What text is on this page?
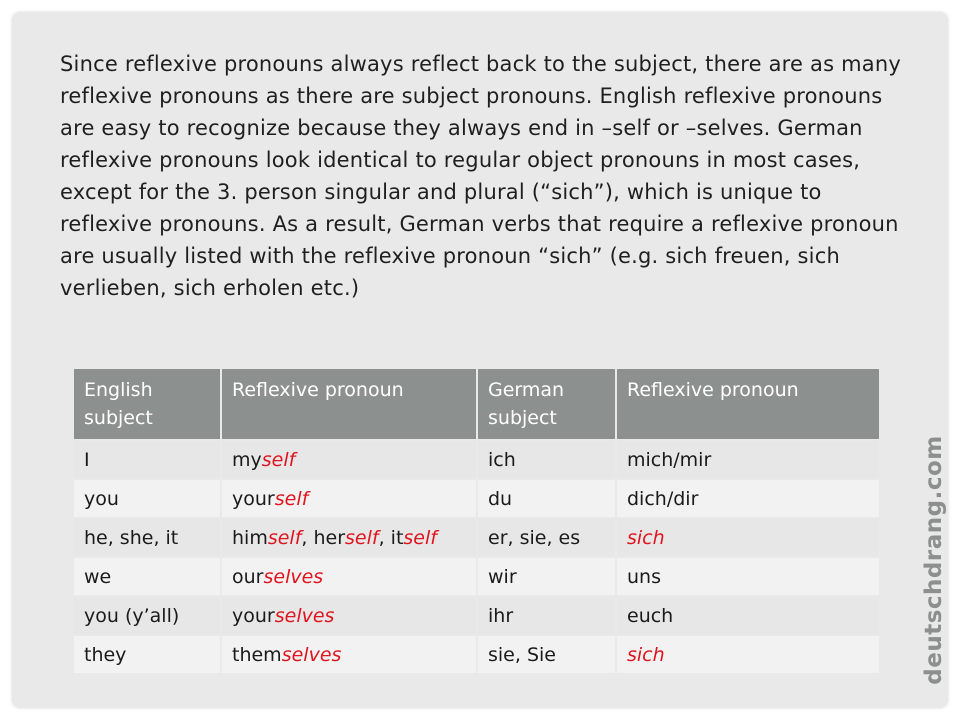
Since reflexive pronouns always reflect back to the subject, there are as many reflexive pronouns as there are subject pronouns. English reflexive pronouns are easy to recognize because they always end in –self or –selves. German reflexive pronouns look identical to regular object pronouns in most cases, except for the 3. person singular and plural (“sich”), which is unique to reflexive pronouns. As a result, German verbs that require a reflexive pronoun are usually listed with the reflexive pronoun “sich” (e.g. sich freuen, sich verlieben, sich erholen etc.)

English subject	Reflexive pronoun	German subject	Reflexive pronoun
I	myself	ich	mich/mir
you	yourself	du	dich/dir
he, she, it	himself, herself, itself	er, sie, es	sich
we	ourselves	wir	uns
you (y’all)	yourselves	ihr	euch
they	themselves	sie, Sie	sich	deutschdrang.com
